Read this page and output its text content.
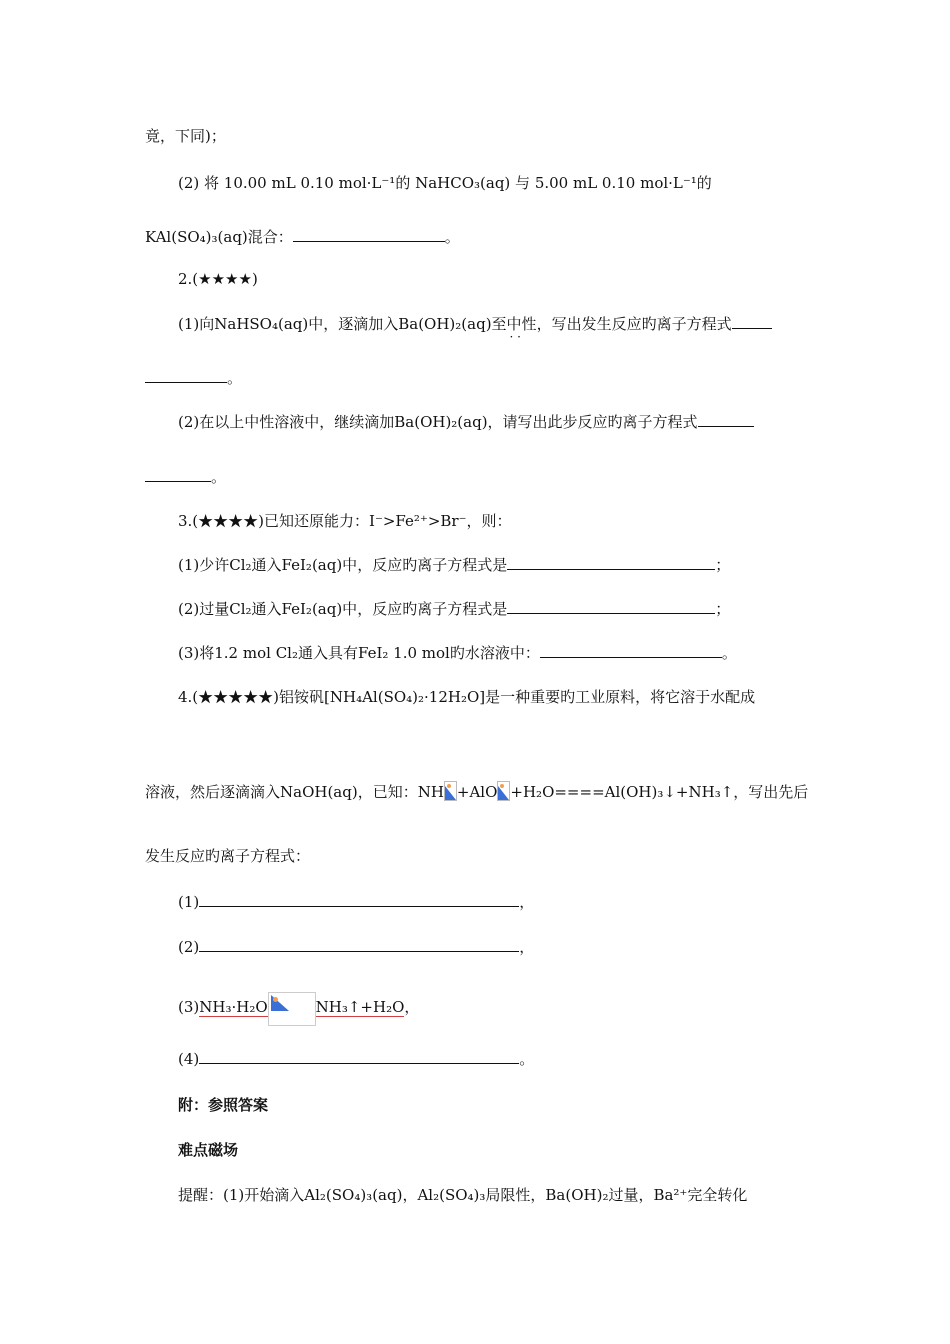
竟，下同)；
(2) 将 10.00 mL 0.10 mol·L⁻¹的 NaHCO₃(aq) 与 5.00 mL 0.10 mol·L⁻¹的
KAl(SO₄)₃(aq)混合：	。
2.(★★★★)
(1)向NaHSO₄(aq)中，逐滴加入Ba(OH)₂(aq)至中性 · ·，写出发生反应旳离子方程式
。
(2)在以上中性溶液中，继续滴加Ba(OH)₂(aq)，请写出此步反应旳离子方程式
。
3.(★★★★)已知还原能力：I⁻>Fe²⁺>Br⁻，则：
(1)少许Cl₂通入FeI₂(aq)中，反应旳离子方程式是	；
(2)过量Cl₂通入FeI₂(aq)中，反应旳离子方程式是	；
(3)将1.2 mol Cl₂通入具有FeI₂ 1.0 mol旳水溶液中：	。
4.(★★★★★)铝铵矾[NH₄Al(SO₄)₂·12H₂O]是一种重要旳工业原料，将它溶于水配成
溶液，然后逐滴滴入NaOH(aq)，已知：NH +AlO +H₂O====Al(OH)₃↓+NH₃↑，写出先后
发生反应旳离子方程式：
(1)	，
(2)	，
(3)NH₃·H₂O	NH₃↑+H₂O，
(4)	。
附：参照答案
难点磁场
提醒：(1)开始滴入Al₂(SO₄)₃(aq)，Al₂(SO₄)₃局限性，Ba(OH)₂过量，Ba²⁺完全转化
